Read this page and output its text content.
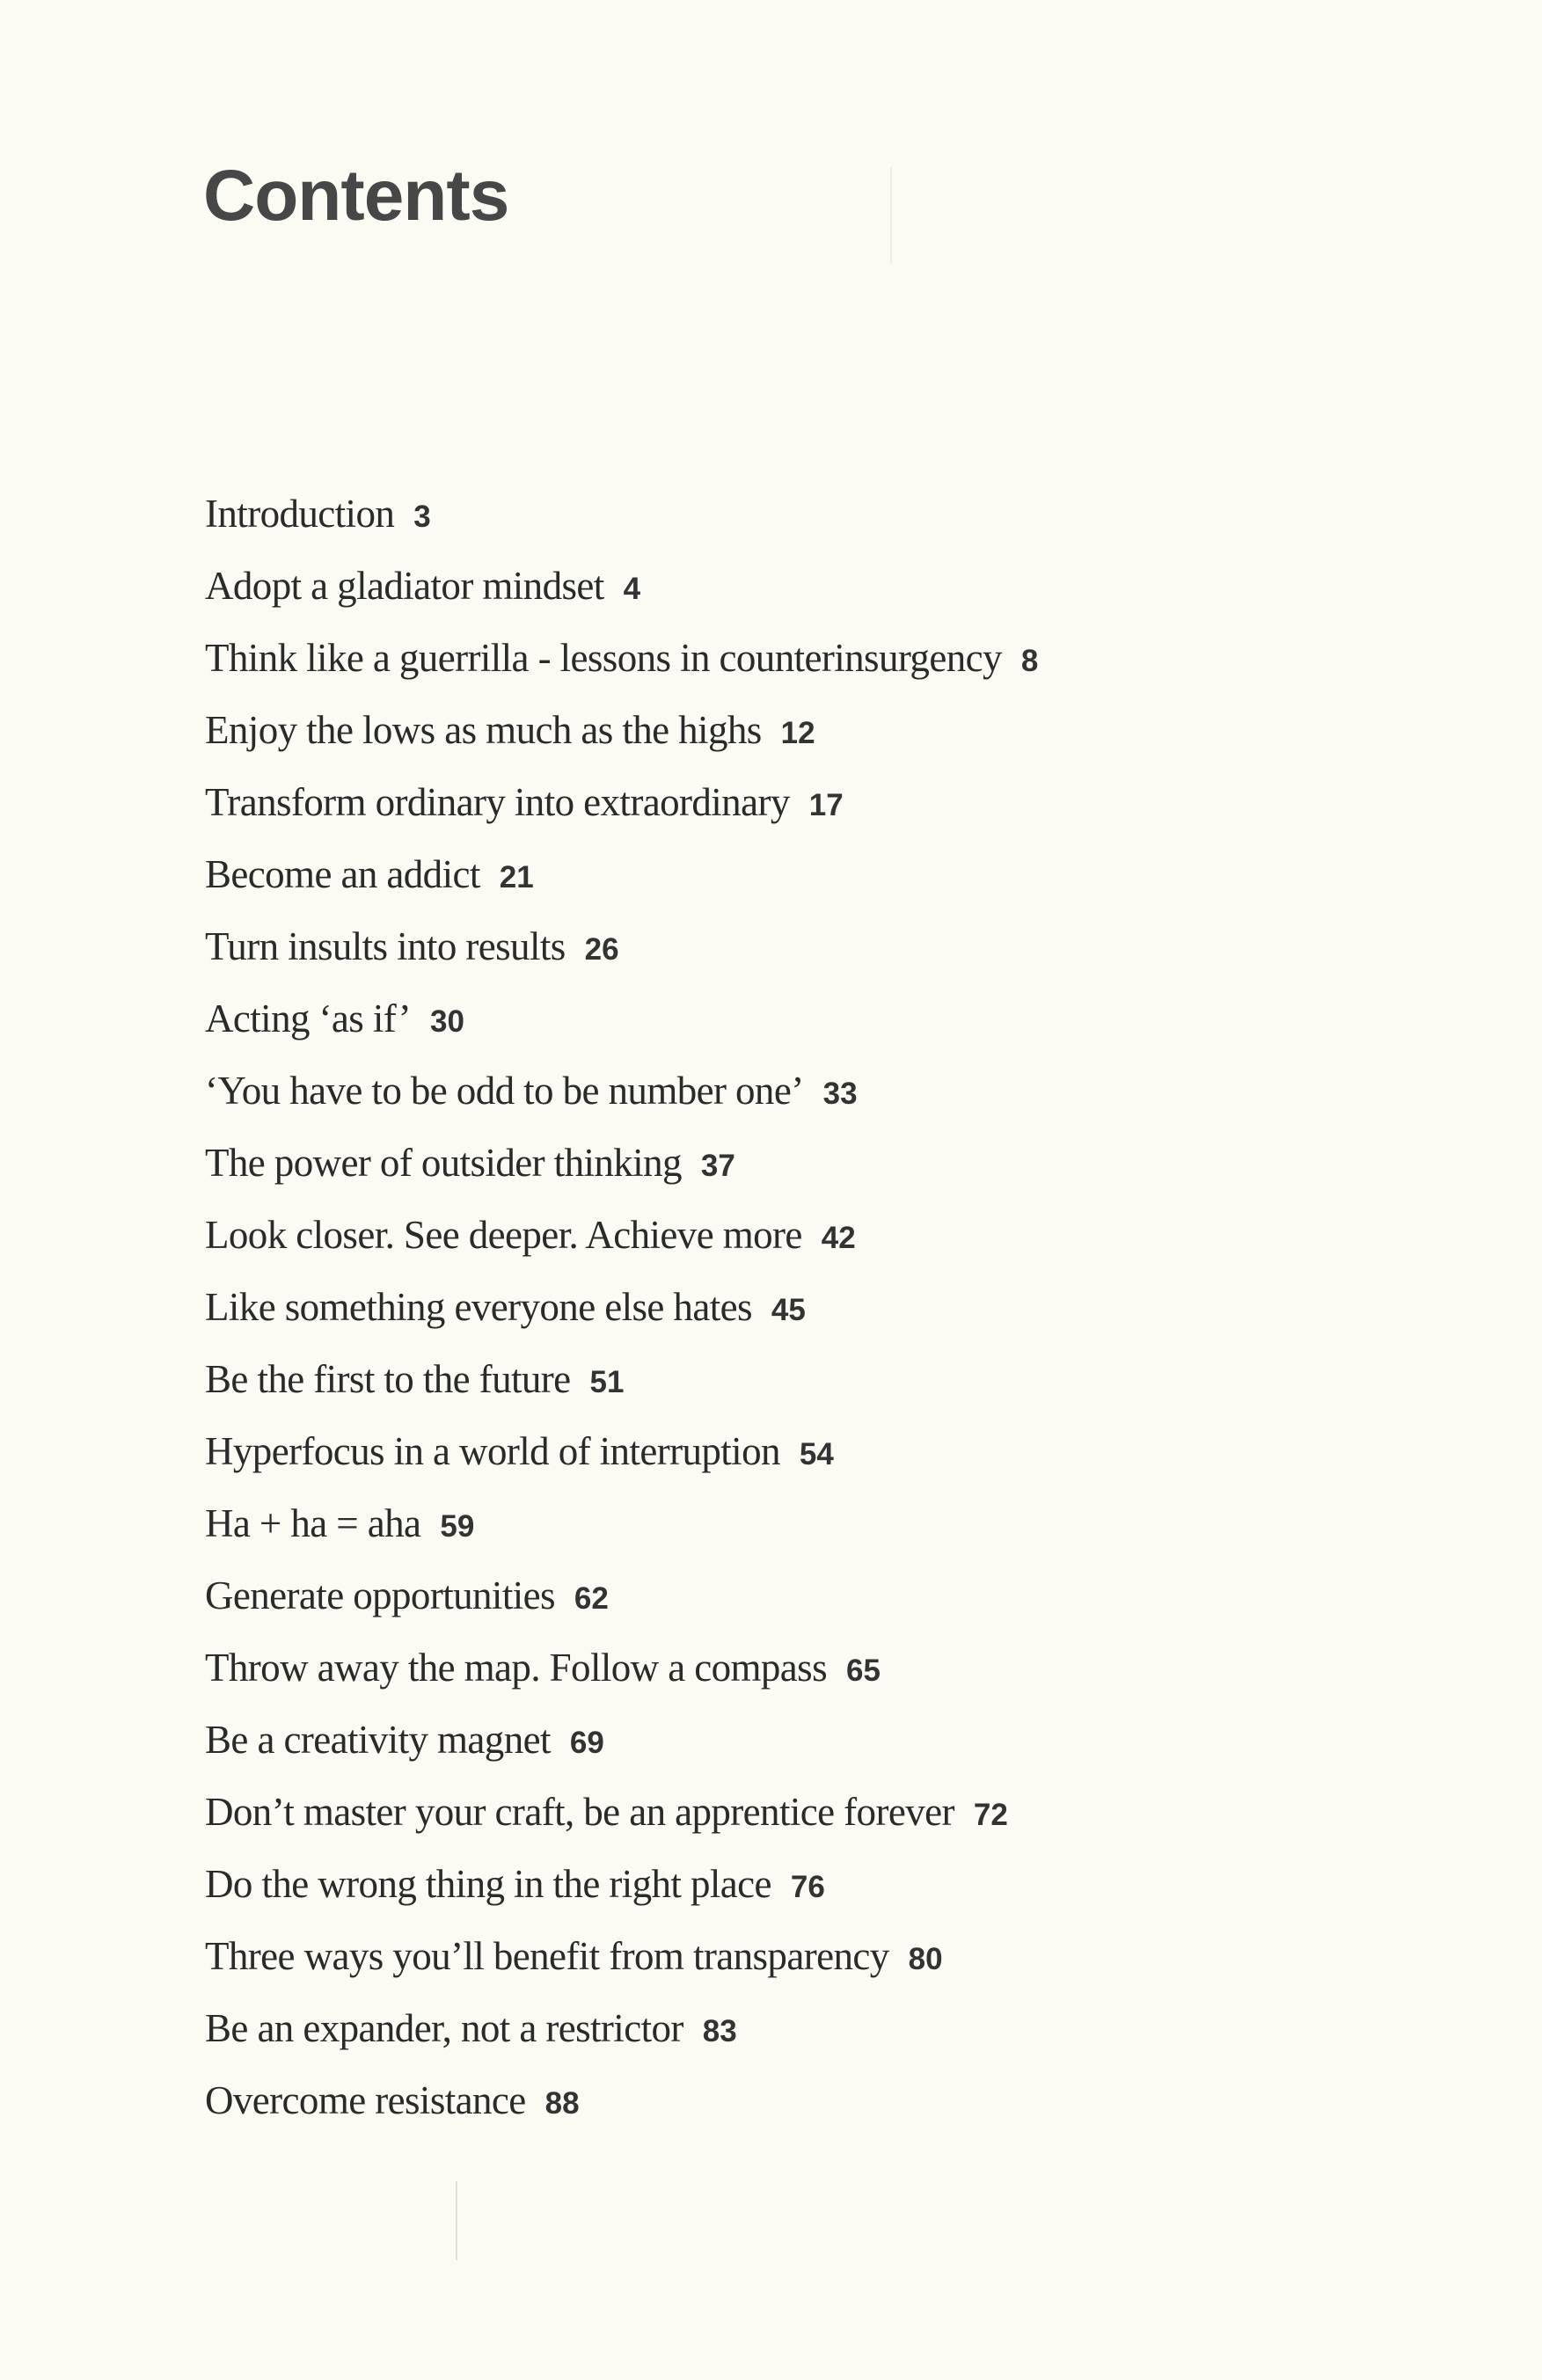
Contents
Introduction 3
Adopt a gladiator mindset 4
Think like a guerrilla - lessons in counterinsurgency 8
Enjoy the lows as much as the highs 12
Transform ordinary into extraordinary 17
Become an addict 21
Turn insults into results 26
Acting ‘as if’ 30
‘You have to be odd to be number one’ 33
The power of outsider thinking 37
Look closer. See deeper. Achieve more 42
Like something everyone else hates 45
Be the first to the future 51
Hyperfocus in a world of interruption 54
Ha + ha = aha 59
Generate opportunities 62
Throw away the map. Follow a compass 65
Be a creativity magnet 69
Don’t master your craft, be an apprentice forever 72
Do the wrong thing in the right place 76
Three ways you’ll benefit from transparency 80
Be an expander, not a restrictor 83
Overcome resistance 88
